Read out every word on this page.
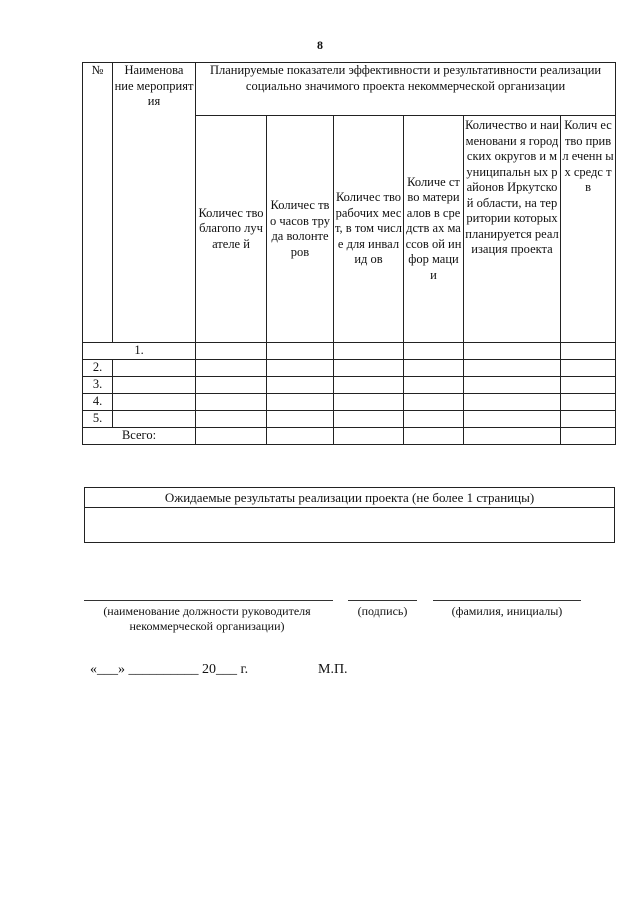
8
№	Наименова ние мероприят ия	Планируемые показатели эффективности и результативности реализации социально значимого проекта некоммерческой организации					
		Количес тво благопо лучателе й	Количес тво часов труда волонте ров	Количес тво рабочих мест, в том числе для инвалид ов	Количе ство матери алов в средств ах массов ой инфор мации	Количество и наименовани я городских округов и муниципальн ых районов Иркутской области, на территории которых планируется реализация проекта	Колич ество привл еченн ых средс тв
1.							
2.							
3.							
4.							
5.							
Всего:							
Ожидаемые результаты реализации проекта (не более 1 страницы)

(наименование должности руководителя некоммерческой организации)
(подпись)	(фамилия, инициалы)
«___» __________ 20___ г.	М.П.
